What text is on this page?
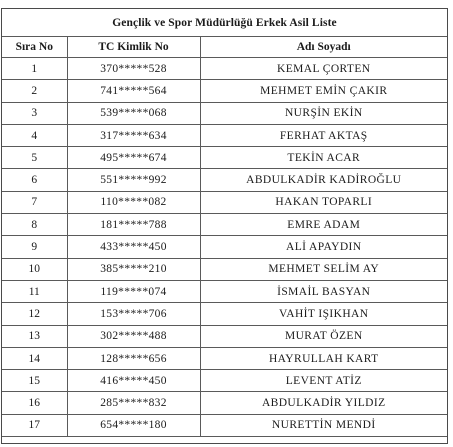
Gençlik ve Spor Müdürlüğü Erkek Asil Liste		
Sıra No	TC Kimlik No	Adı Soyadı
1	370*****528	KEMAL ÇORTEN
2	741*****564	MEHMET EMİN ÇAKIR
3	539*****068	NURŞİN EKİN
4	317*****634	FERHAT AKTAŞ
5	495*****674	TEKİN ACAR
6	551*****992	ABDULKADİR KADİROĞLU
7	110*****082	HAKAN TOPARLI
8	181*****788	EMRE ADAM
9	433*****450	ALİ APAYDIN
10	385*****210	MEHMET SELİM AY
11	119*****074	İSMAİL BASYAN
12	153*****706	VAHİT IŞIKHAN
13	302*****488	MURAT ÖZEN
14	128*****656	HAYRULLAH KART
15	416*****450	LEVENT ATİZ
16	285*****832	ABDULKADİR YILDIZ
17	654*****180	NURETTİN MENDİ
